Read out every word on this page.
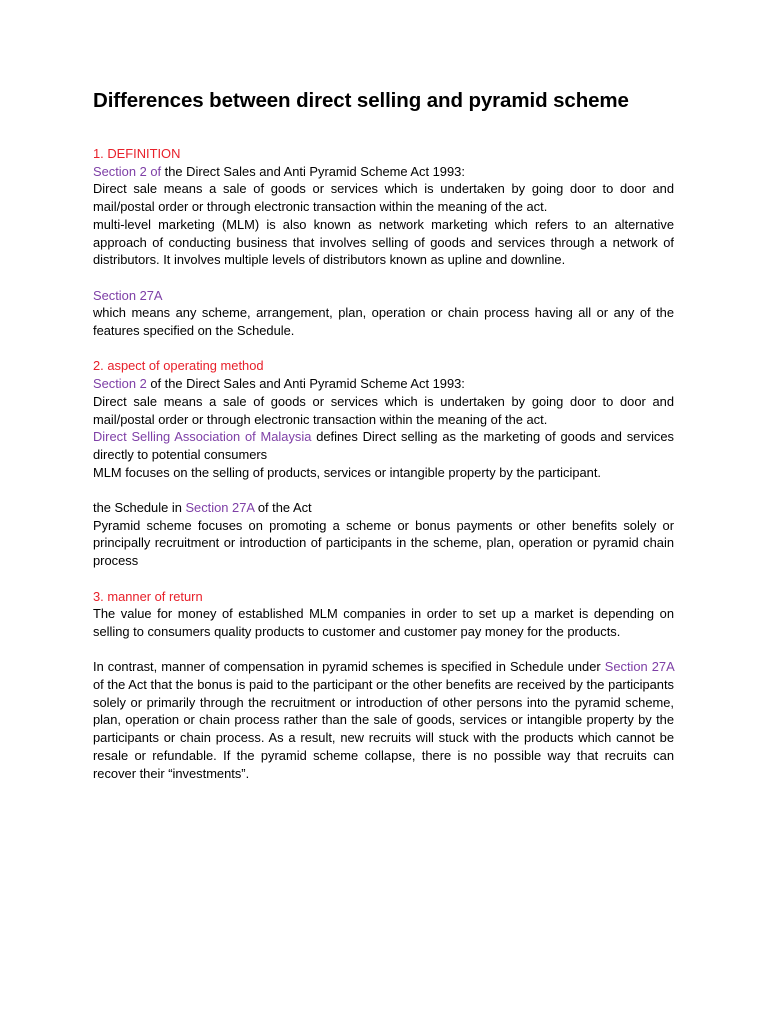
Differences between direct selling and pyramid scheme

1. DEFINITION

Section 2 of the Direct Sales and Anti Pyramid Scheme Act 1993:

Direct sale means a sale of goods or services which is undertaken by going door to door and mail/postal order or through electronic transaction within the meaning of the act.

multi-level marketing (MLM) is also known as network marketing which refers to an alternative approach of conducting business that involves selling of goods and services through a network of distributors. It involves multiple levels of distributors known as upline and downline.

Section 27A

which means any scheme, arrangement, plan, operation or chain process having all or any of the features specified on the Schedule.

2. aspect of operating method

Section 2 of the Direct Sales and Anti Pyramid Scheme Act 1993:

Direct sale means a sale of goods or services which is undertaken by going door to door and mail/postal order or through electronic transaction within the meaning of the act.

Direct Selling Association of Malaysia defines Direct selling as the marketing of goods and services directly to potential consumers

MLM focuses on the selling of products, services or intangible property by the participant.

the Schedule in Section 27A of the Act

Pyramid scheme focuses on promoting a scheme or bonus payments or other benefits solely or principally recruitment or introduction of participants in the scheme, plan, operation or pyramid chain process

3. manner of return

The value for money of established MLM companies in order to set up a market is depending on selling to consumers quality products to customer and customer pay money for the products.

In contrast, manner of compensation in pyramid schemes is specified in Schedule under Section 27A of the Act that the bonus is paid to the participant or the other benefits are received by the participants solely or primarily through the recruitment or introduction of other persons into the pyramid scheme, plan, operation or chain process rather than the sale of goods, services or intangible property by the participants or chain process. As a result, new recruits will stuck with the products which cannot be resale or refundable. If the pyramid scheme collapse, there is no possible way that recruits can recover their “investments”.
